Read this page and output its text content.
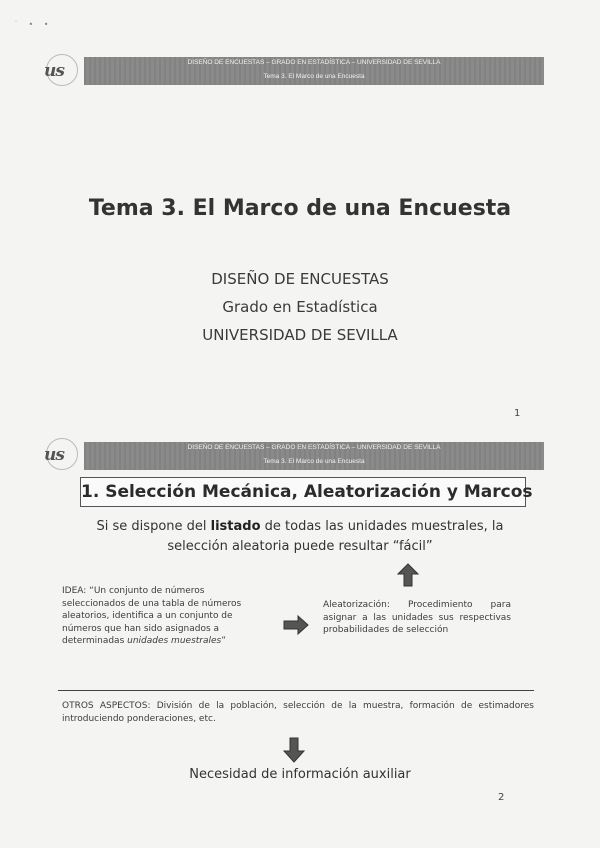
˙ • •
us	DISEÑO DE ENCUESTAS – GRADO EN ESTADÍSTICA – UNIVERSIDAD DE SEVILLA
Tema 3. El Marco de una Encuesta
Tema 3. El Marco de una Encuesta
DISEÑO DE ENCUESTAS
Grado en Estadística
UNIVERSIDAD DE SEVILLA
1
us	DISEÑO DE ENCUESTAS – GRADO EN ESTADÍSTICA – UNIVERSIDAD DE SEVILLA
Tema 3. El Marco de una Encuesta
1. Selección Mecánica, Aleatorización y Marcos
Si se dispone del listado de todas las unidades muestrales, la
selección aleatoria puede resultar “fácil”
IDEA: “Un conjunto de números
seleccionados de una tabla de números
aleatorios, identifica a un conjunto de
números que han sido asignados a
determinadas unidades muestrales”
Aleatorización: Procedimiento para asignar a las unidades sus respectivas probabilidades de selección
OTROS ASPECTOS: División de la población, selección de la muestra, formación de estimadores introduciendo ponderaciones, etc.
Necesidad de información auxiliar
2
